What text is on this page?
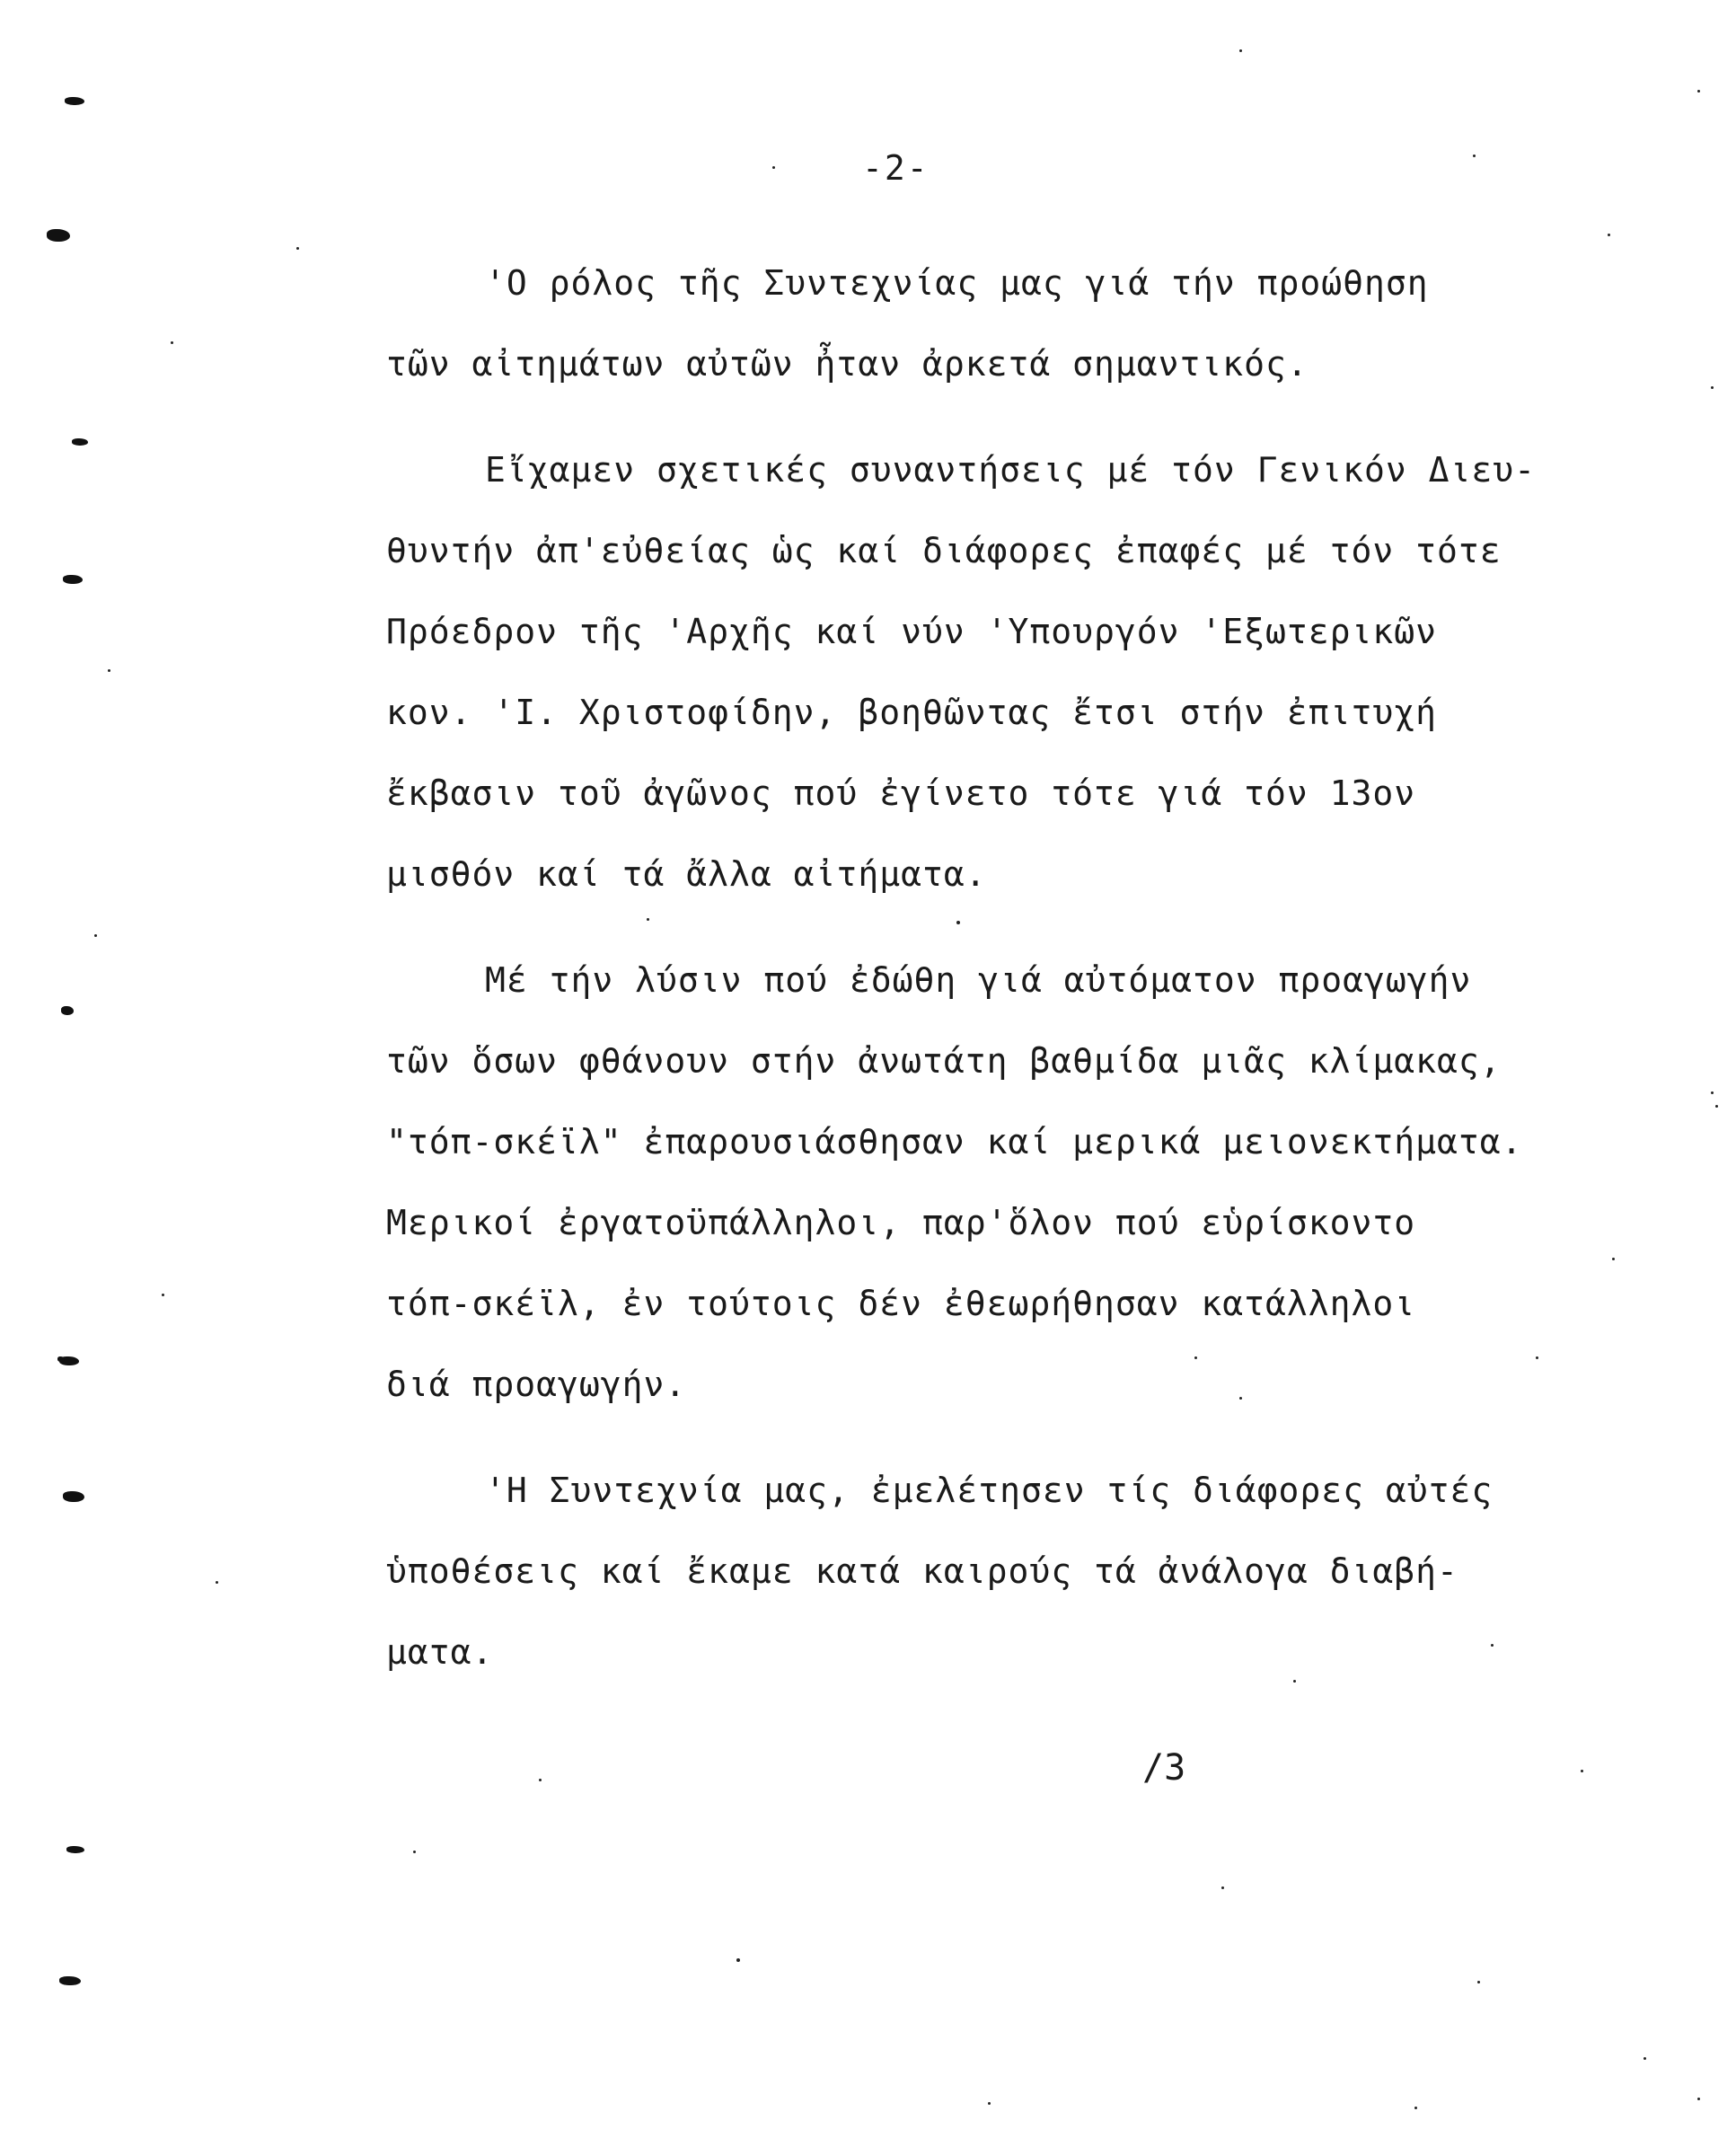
-2-
'Ο ρόλος τῆς Συντεχνίας μας γιά τήν προώθηση
τῶν αἰτημάτων αὐτῶν ἦταν ἀρκετά σημαντικός.
Εἴχαμεν σχετικές συναντήσεις μέ τόν Γενικόν Διευ-
θυντήν ἀπ'εὐθείας ὡς καί διάφορες ἐπαφές μέ τόν τότε
Πρόεδρον τῆς 'Αρχῆς καί νύν 'Υπουργόν 'Εξωτερικῶν
κον. 'Ι. Χριστοφίδην, βοηθῶντας ἔτσι στήν ἐπιτυχή
ἔκβασιν τοῦ ἀγῶνος πού ἐγίνετο τότε γιά τόν 13ον
μισθόν καί τά ἄλλα αἰτήματα.
Μέ τήν λύσιν πού ἐδώθη γιά αὐτόματον προαγωγήν
τῶν ὅσων φθάνουν στήν ἀνωτάτη βαθμίδα μιᾶς κλίμακας,
"τόπ-σκέϊλ" ἐπαρουσιάσθησαν καί μερικά μειονεκτήματα.
Μερικοί ἐργατοϋπάλληλοι, παρ'ὅλον πού εὑρίσκοντο
τόπ-σκέϊλ, ἐν τούτοις δέν ἐθεωρήθησαν κατάλληλοι
διά προαγωγήν.
'Η Συντεχνία μας, ἐμελέτησεν τίς διάφορες αὐτές
ὑποθέσεις καί ἔκαμε κατά καιρούς τά ἀνάλογα διαβή-
ματα.
/3
